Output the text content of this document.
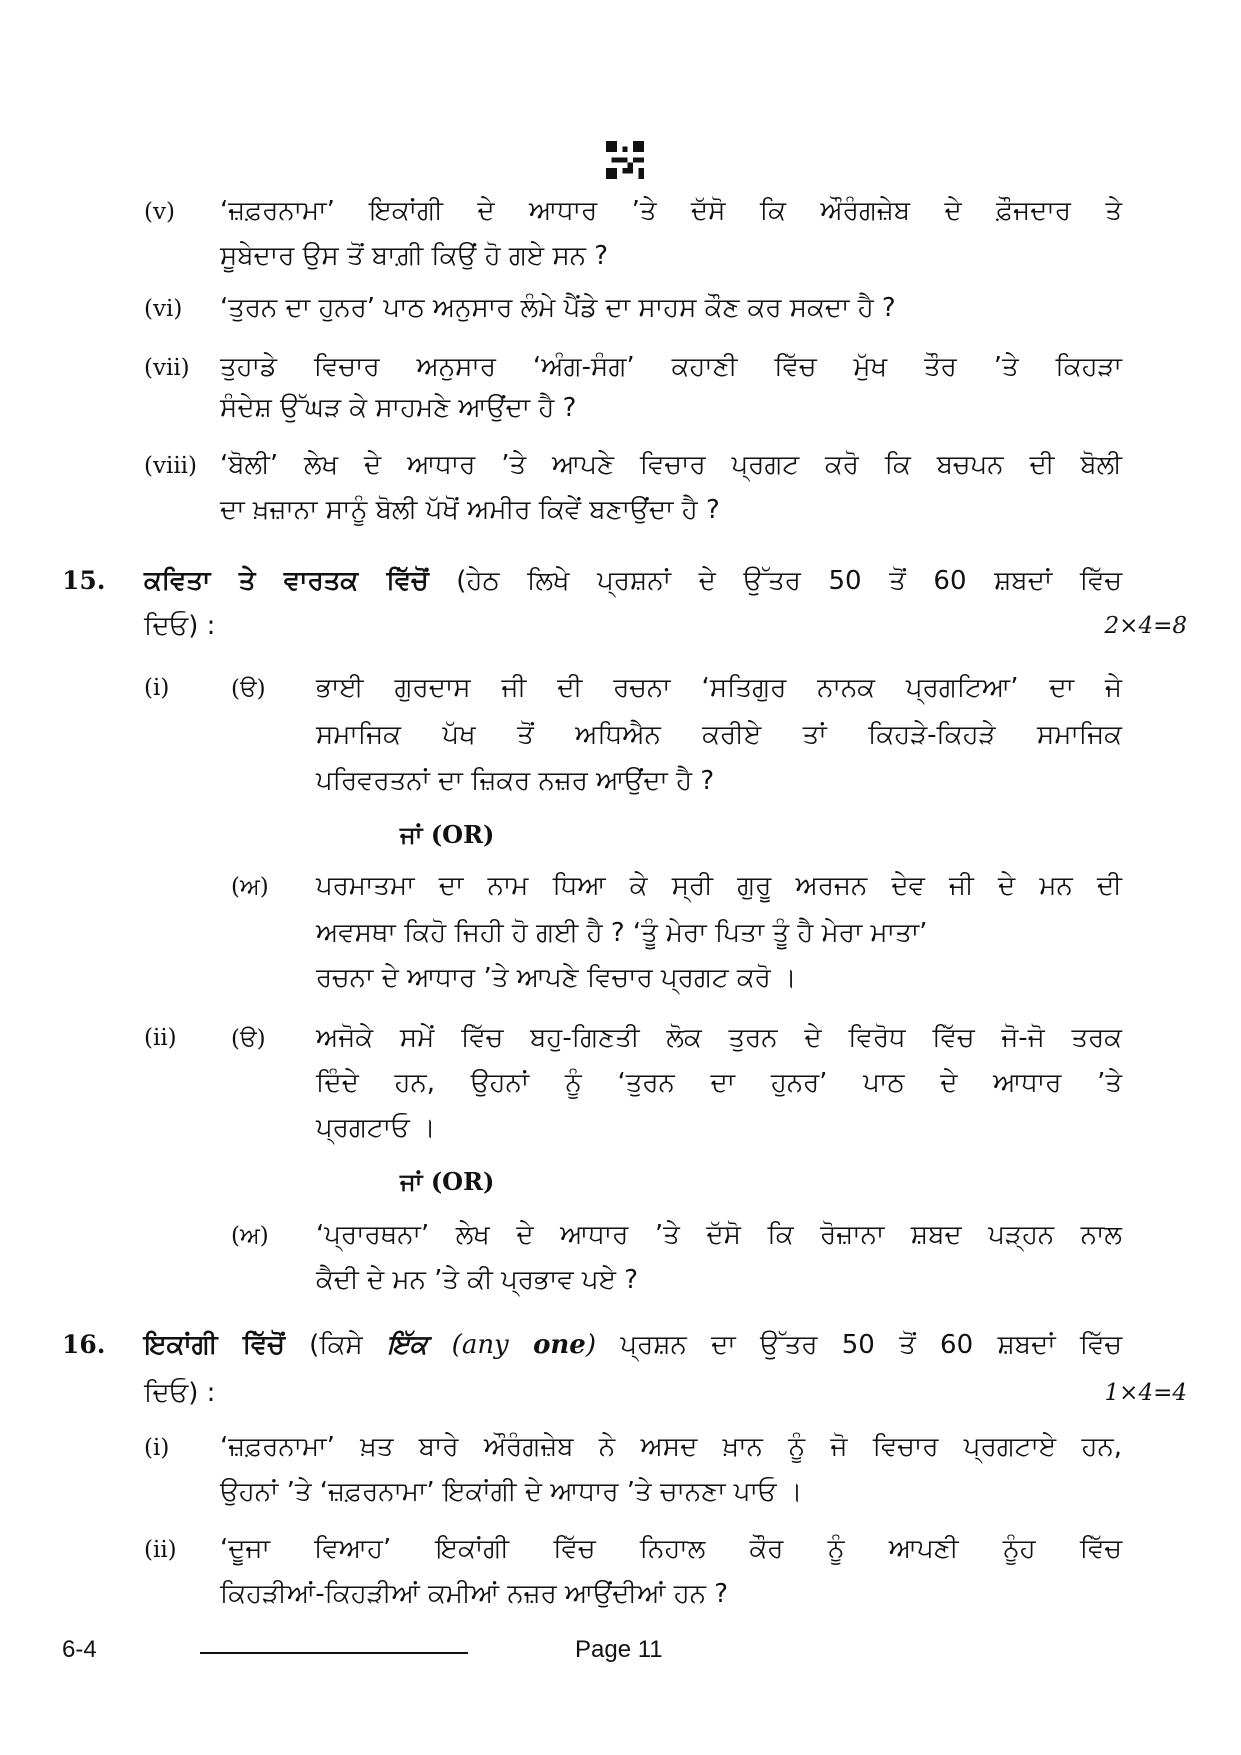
(i)
(ii)
(v) ‘ਜ਼ਫ਼ਰਨਾਮਾ’ ਇਕਾਂਗੀ ਦੇ ਆਧਾਰ ’ਤੇ ਦੱਸੋ ਕਿ ਔਰੰਗਜ਼ੇਬ ਦੇ ਫ਼ੌਜਦਾਰ ਤੇ
ਸੂਬੇਦਾਰ ਉਸ ਤੋਂ ਬਾਗ਼ੀ ਕਿਉਂ ਹੋ ਗਏ ਸਨ ?
(vi) ‘ਤੁਰਨ ਦਾ ਹੁਨਰ’ ਪਾਠ ਅਨੁਸਾਰ ਲੰਮੇ ਪੈਂਡੇ ਦਾ ਸਾਹਸ ਕੌਣ ਕਰ ਸਕਦਾ ਹੈ ?
(vii) ਤੁਹਾਡੇ ਵਿਚਾਰ ਅਨੁਸਾਰ ‘ਅੰਗ-ਸੰਗ’ ਕਹਾਣੀ ਵਿੱਚ ਮੁੱਖ ਤੌਰ ’ਤੇ ਕਿਹੜਾ
ਸੰਦੇਸ਼ ਉੱਘੜ ਕੇ ਸਾਹਮਣੇ ਆਉਂਦਾ ਹੈ ?
(viii) ‘ਬੋਲੀ’ ਲੇਖ ਦੇ ਆਧਾਰ ’ਤੇ ਆਪਣੇ ਵਿਚਾਰ ਪ੍ਰਗਟ ਕਰੋ ਕਿ ਬਚਪਨ ਦੀ ਬੋਲੀ
ਦਾ ਖ਼ਜ਼ਾਨਾ ਸਾਨੂੰ ਬੋਲੀ ਪੱਖੋਂ ਅਮੀਰ ਕਿਵੇਂ ਬਣਾਉਂਦਾ ਹੈ ?
(ੳ) ਭਾਈ ਗੁਰਦਾਸ ਜੀ ਦੀ ਰਚਨਾ ‘ਸਤਿਗੁਰ ਨਾਨਕ ਪ੍ਰਗਟਿਆ’ ਦਾ ਜੇ
ਸਮਾਜਿਕ ਪੱਖ ਤੋਂ ਅਧਿਐਨ ਕਰੀਏ ਤਾਂ ਕਿਹੜੇ-ਕਿਹੜੇ ਸਮਾਜਿਕ
ਪਰਿਵਰਤਨਾਂ ਦਾ ਜ਼ਿਕਰ ਨਜ਼ਰ ਆਉਂਦਾ ਹੈ ?
(ਅ) ਪਰਮਾਤਮਾ ਦਾ ਨਾਮ ਧਿਆ ਕੇ ਸ੍ਰੀ ਗੁਰੂ ਅਰਜਨ ਦੇਵ ਜੀ ਦੇ ਮਨ ਦੀ
ਅਵਸਥਾ ਕਿਹੋ ਜਿਹੀ ਹੋ ਗਈ ਹੈ ? ‘ਤੂੰ ਮੇਰਾ ਪਿਤਾ ਤੂੰ ਹੈ ਮੇਰਾ ਮਾਤਾ’
ਰਚਨਾ ਦੇ ਆਧਾਰ ’ਤੇ ਆਪਣੇ ਵਿਚਾਰ ਪ੍ਰਗਟ ਕਰੋ ।
(ੳ) ਅਜੋਕੇ ਸਮੇਂ ਵਿੱਚ ਬਹੁ-ਗਿਣਤੀ ਲੋਕ ਤੁਰਨ ਦੇ ਵਿਰੋਧ ਵਿੱਚ ਜੋ-ਜੋ ਤਰਕ
ਦਿੰਦੇ ਹਨ, ਉਹਨਾਂ ਨੂੰ ‘ਤੁਰਨ ਦਾ ਹੁਨਰ’ ਪਾਠ ਦੇ ਆਧਾਰ ’ਤੇ
ਪ੍ਰਗਟਾਓ ।
(ਅ) ‘ਪ੍ਰਾਰਥਨਾ’ ਲੇਖ ਦੇ ਆਧਾਰ ’ਤੇ ਦੱਸੋ ਕਿ ਰੋਜ਼ਾਨਾ ਸ਼ਬਦ ਪੜ੍ਹਨ ਨਾਲ
ਕੈਦੀ ਦੇ ਮਨ ’ਤੇ ਕੀ ਪ੍ਰਭਾਵ ਪਏ ?
(i) ‘ਜ਼ਫ਼ਰਨਾਮਾ’ ਖ਼ਤ ਬਾਰੇ ਔਰੰਗਜ਼ੇਬ ਨੇ ਅਸਦ ਖ਼ਾਨ ਨੂੰ ਜੋ ਵਿਚਾਰ ਪ੍ਰਗਟਾਏ ਹਨ,
ਉਹਨਾਂ ’ਤੇ ‘ਜ਼ਫ਼ਰਨਾਮਾ’ ਇਕਾਂਗੀ ਦੇ ਆਧਾਰ ’ਤੇ ਚਾਨਣਾ ਪਾਓ ।
(ii) ‘ਦੂਜਾ ਵਿਆਹ’ ਇਕਾਂਗੀ ਵਿੱਚ ਨਿਹਾਲ ਕੌਰ ਨੂੰ ਆਪਣੀ ਨੂੰਹ ਵਿੱਚ
ਕਿਹੜੀਆਂ-ਕਿਹੜੀਆਂ ਕਮੀਆਂ ਨਜ਼ਰ ਆਉਂਦੀਆਂ ਹਨ ?
15. ਕਵਿਤਾ ਤੇ ਵਾਰਤਕ ਵਿੱਚੋਂ (ਹੇਠ ਲਿਖੇ ਪ੍ਰਸ਼ਨਾਂ ਦੇ ਉੱਤਰ 50 ਤੋਂ 60 ਸ਼ਬਦਾਂ ਵਿੱਚ
ਦਿਓ) :	2×4=8
ਜਾਂ (OR)
ਜਾਂ (OR)
16. ਇਕਾਂਗੀ ਵਿੱਚੋਂ (ਕਿਸੇ ਇੱਕ (any one) ਪ੍ਰਸ਼ਨ ਦਾ ਉੱਤਰ 50 ਤੋਂ 60 ਸ਼ਬਦਾਂ ਵਿੱਚ
ਦਿਓ) :	1×4=4
6-4	Page 11
